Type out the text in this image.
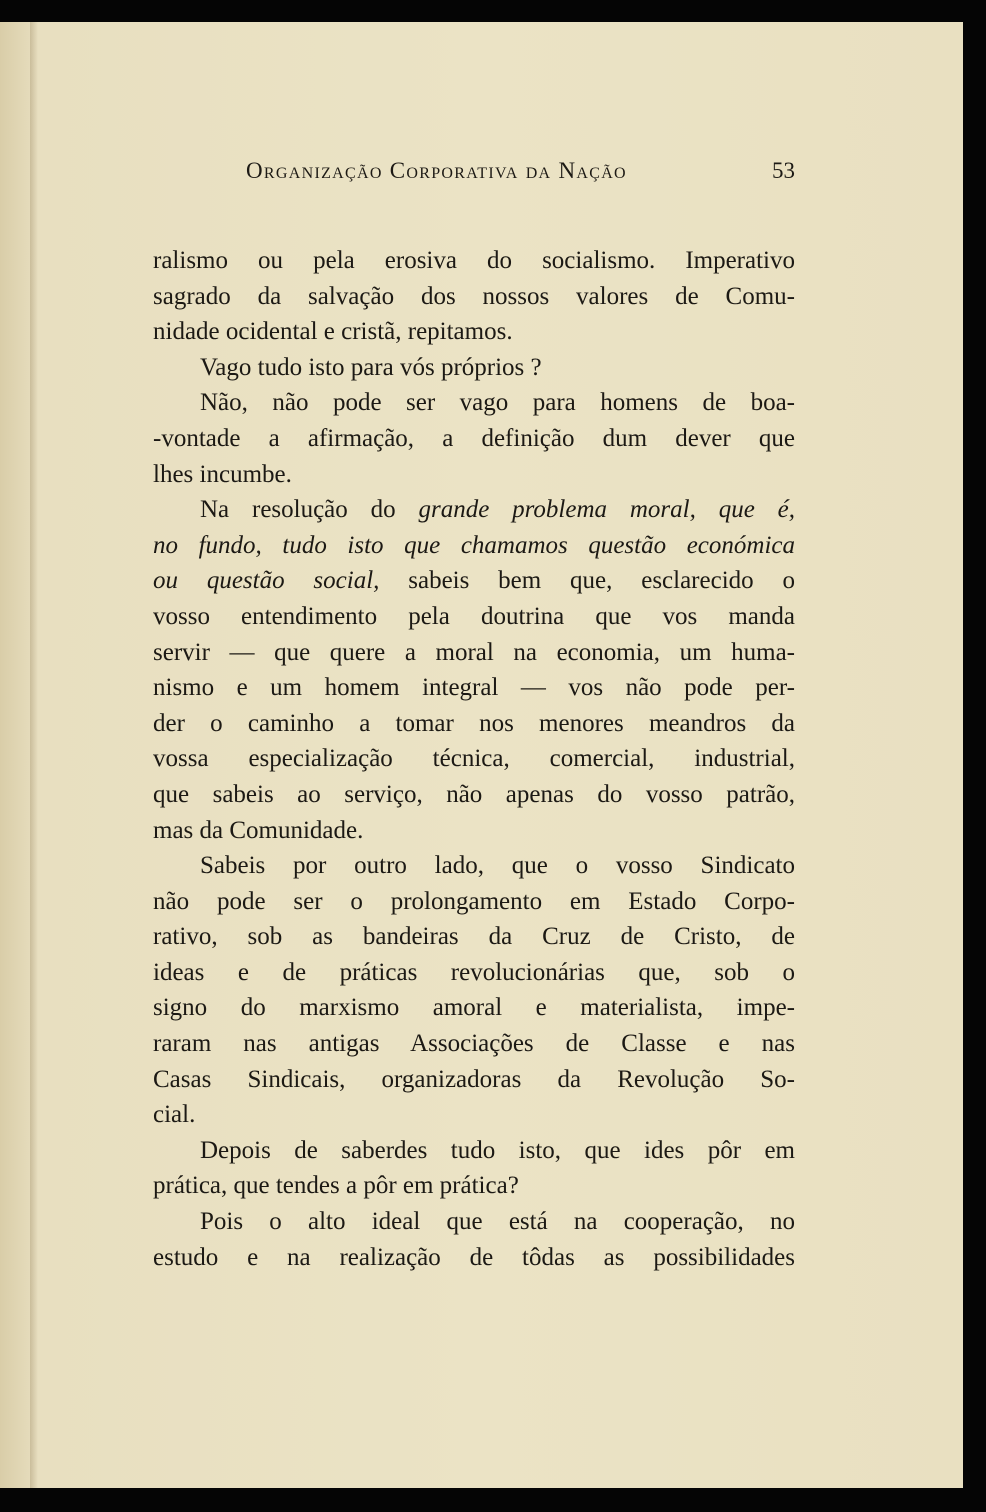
Organização Corporativa da Nação	53
ralismo ou pela erosiva do socialismo. Imperativo
sagrado da salvação dos nossos valores de Comu-
nidade ocidental e cristã, repitamos.
Vago tudo isto para vós próprios ?
Não, não pode ser vago para homens de boa-
-vontade a afirmação, a definição dum dever que
lhes incumbe.
Na resolução do grande problema moral, que é,
no fundo, tudo isto que chamamos questão económica
ou questão social, sabeis bem que, esclarecido o
vosso entendimento pela doutrina que vos manda
servir — que quere a moral na economia, um huma-
nismo e um homem integral — vos não pode per-
der o caminho a tomar nos menores meandros da
vossa especialização técnica, comercial, industrial,
que sabeis ao serviço, não apenas do vosso patrão,
mas da Comunidade.
Sabeis por outro lado, que o vosso Sindicato
não pode ser o prolongamento em Estado Corpo-
rativo, sob as bandeiras da Cruz de Cristo, de
ideas e de práticas revolucionárias que, sob o
signo do marxismo amoral e materialista, impe-
raram nas antigas Associações de Classe e nas
Casas Sindicais, organizadoras da Revolução So-
cial.
Depois de saberdes tudo isto, que ides pôr em
prática, que tendes a pôr em prática?
Pois o alto ideal que está na cooperação, no
estudo e na realização de tôdas as possibilidades
